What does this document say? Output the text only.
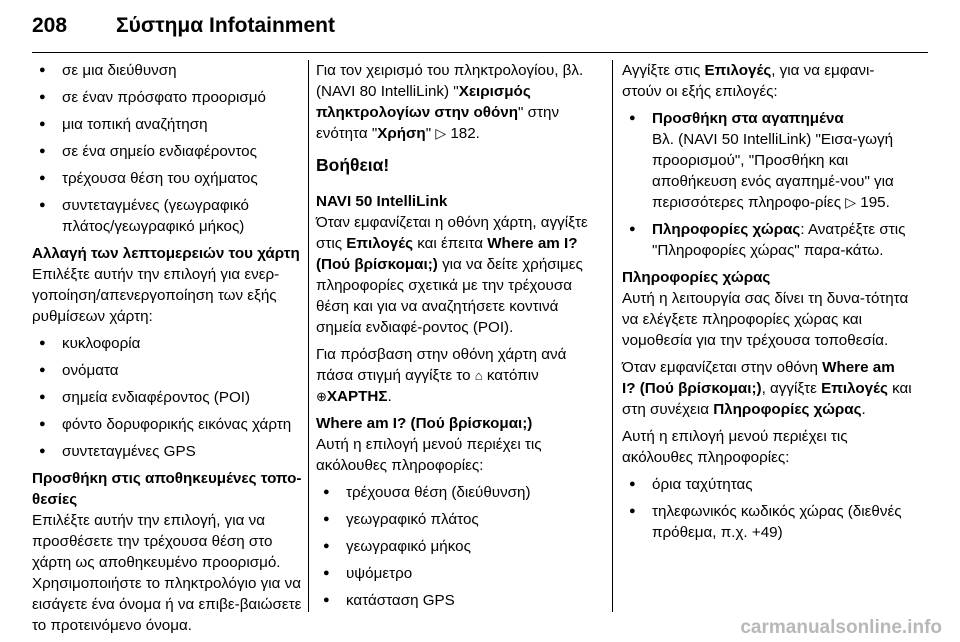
208 Σύστημα Infotainment
● σε μια διεύθυνση
● σε έναν πρόσφατο προορισμό
● μια τοπική αναζήτηση
● σε ένα σημείο ενδιαφέροντος
● τρέχουσα θέση του οχήματος
● συντεταγμένες (γεωγραφικό πλάτος/γεωγραφικό μήκος)

Αλλαγή των λεπτομερειών του χάρτη

Επιλέξτε αυτήν την επιλογή για ενερ-γοποίηση/απενεργοποίηση των εξής ρυθμίσεων χάρτη:

● κυκλοφορία
● ονόματα
● σημεία ενδιαφέροντος (POI)
● φόντο δορυφορικής εικόνας χάρτη
● συντεταγμένες GPS

Προσθήκη στις αποθηκευμένες τοπο-θεσίες

Επιλέξτε αυτήν την επιλογή, για να προσθέσετε την τρέχουσα θέση στο χάρτη ως αποθηκευμένο προορισμό. Χρησιμοποιήστε το πληκτρολόγιο για να εισάγετε ένα όνομα ή να επιβε-βαιώσετε το προτεινόμενο όνομα.

Για τον χειρισμό του πληκτρολογίου, βλ. (NAVI 80 IntelliLink) "Χειρισμός πληκτρολογίων στην οθόνη" στην ενότητα "Χρήση" ▷ 182.

Βοήθεια!

NAVI 50 IntelliLink

Όταν εμφανίζεται η οθόνη χάρτη, αγγίξτε στις Επιλογές και έπειτα Where am I? (Πού βρίσκομαι;) για να δείτε χρήσιμες πληροφορίες σχετικά με την τρέχουσα θέση και για να αναζητήσετε κοντινά σημεία ενδιαφέ-ροντος (POI).

Για πρόσβαση στην οθόνη χάρτη ανά πάσα στιγμή αγγίξτε το ⌂ κατόπιν
⊕ΧΑΡΤΗΣ.

Where am I? (Πού βρίσκομαι;)

Αυτή η επιλογή μενού περιέχει τις ακόλουθες πληροφορίες:

● τρέχουσα θέση (διεύθυνση)
● γεωγραφικό πλάτος
● γεωγραφικό μήκος
● υψόμετρο
● κατάσταση GPS

Αγγίξτε στις Επιλογές, για να εμφανι-στούν οι εξής επιλογές:

● Προσθήκη στα αγαπημένα
Βλ. (NAVI 50 IntelliLink) "Εισα-γωγή προορισμού", "Προσθήκη και αποθήκευση ενός αγαπημέ-νου" για περισσότερες πληροφο-ρίες ▷ 195.
● Πληροφορίες χώρας: Ανατρέξτε στις "Πληροφορίες χώρας" παρα-κάτω.

Πληροφορίες χώρας

Αυτή η λειτουργία σας δίνει τη δυνα-τότητα να ελέγξετε πληροφορίες χώρας και νομοθεσία για την τρέχουσα τοποθεσία.

Όταν εμφανίζεται στην οθόνη Where am I? (Πού βρίσκομαι;), αγγίξτε Επιλογές και στη συνέχεια Πληροφορίες χώρας.

Αυτή η επιλογή μενού περιέχει τις ακόλουθες πληροφορίες:

● όρια ταχύτητας
● τηλεφωνικός κωδικός χώρας (διεθνές πρόθεμα, π.χ. +49)
carmanualsonline.info
